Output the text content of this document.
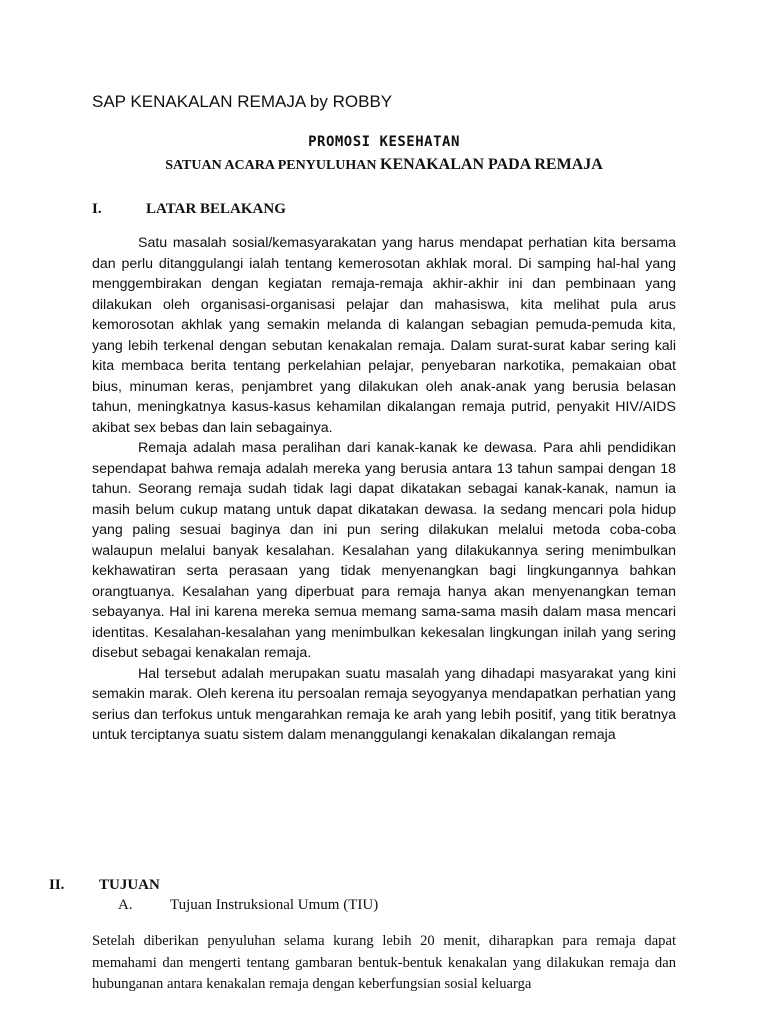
SAP KENAKALAN REMAJA by ROBBY
PROMOSI KESEHATAN
SATUAN ACARA PENYULUHAN KENAKALAN PADA REMAJA
I.	LATAR BELAKANG

Satu masalah sosial/kemasyarakatan yang harus mendapat perhatian kita bersama dan perlu ditanggulangi ialah tentang kemerosotan akhlak moral. Di samping hal-hal yang menggembirakan dengan kegiatan remaja-remaja akhir-akhir ini dan pembinaan yang dilakukan oleh organisasi-organisasi pelajar dan mahasiswa, kita melihat pula arus kemorosotan akhlak yang semakin melanda di kalangan sebagian pemuda-pemuda kita, yang lebih terkenal dengan sebutan kenakalan remaja. Dalam surat-surat kabar sering kali kita membaca berita tentang perkelahian pelajar, penyebaran narkotika, pemakaian obat bius, minuman keras, penjambret yang dilakukan oleh anak-anak yang berusia belasan tahun, meningkatnya kasus-kasus kehamilan dikalangan remaja putrid, penyakit HIV/AIDS akibat sex bebas dan lain sebagainya.

Remaja adalah masa peralihan dari kanak-kanak ke dewasa. Para ahli pendidikan sependapat bahwa remaja adalah mereka yang berusia antara 13 tahun sampai dengan 18 tahun. Seorang remaja sudah tidak lagi dapat dikatakan sebagai kanak-kanak, namun ia masih belum cukup matang untuk dapat dikatakan dewasa. Ia sedang mencari pola hidup yang paling sesuai baginya dan ini pun sering dilakukan melalui metoda coba-coba walaupun melalui banyak kesalahan. Kesalahan yang dilakukannya sering menimbulkan kekhawatiran serta perasaan yang tidak menyenangkan bagi lingkungannya bahkan orangtuanya. Kesalahan yang diperbuat para remaja hanya akan menyenangkan teman sebayanya. Hal ini karena mereka semua memang sama-sama masih dalam masa mencari identitas. Kesalahan-kesalahan yang menimbulkan kekesalan lingkungan inilah yang sering disebut sebagai kenakalan remaja.

Hal tersebut adalah merupakan suatu masalah yang dihadapi masyarakat yang kini semakin marak. Oleh kerena itu persoalan remaja seyogyanya mendapatkan perhatian yang serius dan terfokus untuk mengarahkan remaja ke arah yang lebih positif, yang titik beratnya untuk terciptanya suatu sistem dalam menanggulangi kenakalan dikalangan remaja

II. TUJUAN
A. Tujuan Instruksional Umum (TIU)

Setelah diberikan penyuluhan selama kurang lebih 20 menit, diharapkan para remaja dapat memahami dan mengerti tentang gambaran bentuk-bentuk kenakalan yang dilakukan remaja dan hubunganan antara kenakalan remaja dengan keberfungsian sosial keluarga
